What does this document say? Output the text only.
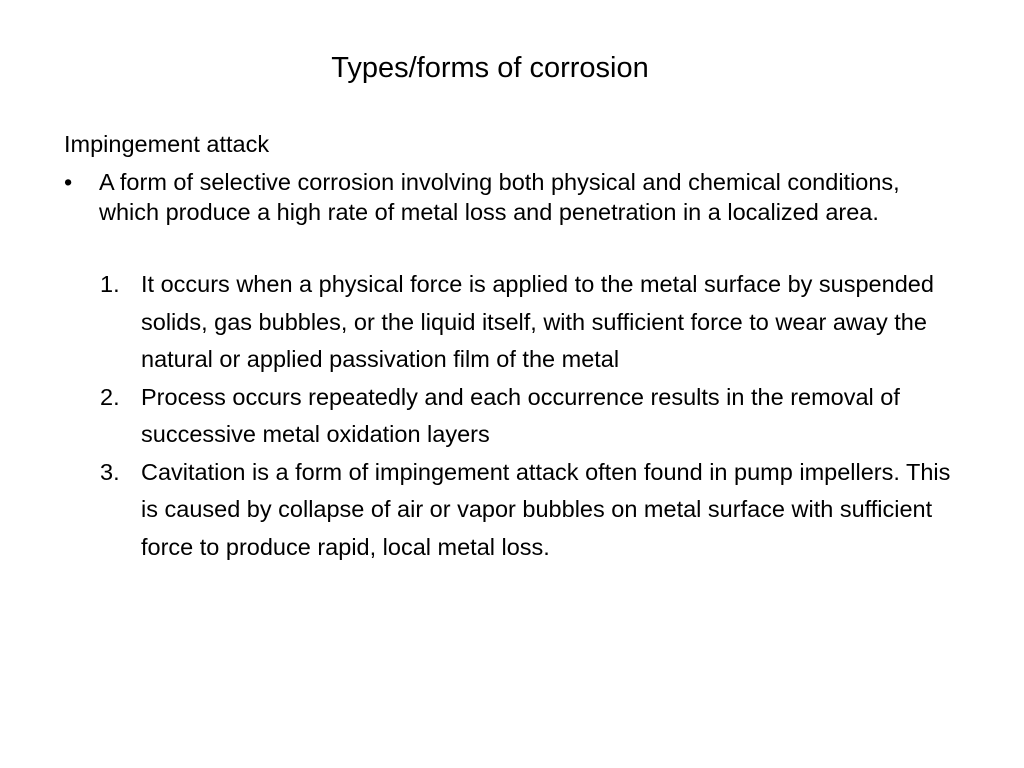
Types/forms of corrosion
Impingement attack
• A form of selective corrosion involving both physical and chemical conditions, which produce a high rate of metal loss and penetration in a localized area.
1. It occurs when a physical force is applied to the metal surface by suspended solids, gas bubbles, or the liquid itself, with sufficient force to wear away the natural or applied passivation film of the metal
2. Process occurs repeatedly and each occurrence results in the removal of successive metal oxidation layers
3. Cavitation is a form of impingement attack often found in pump impellers. This is caused by collapse of air or vapor bubbles on metal surface with sufficient force to produce rapid, local metal loss.
